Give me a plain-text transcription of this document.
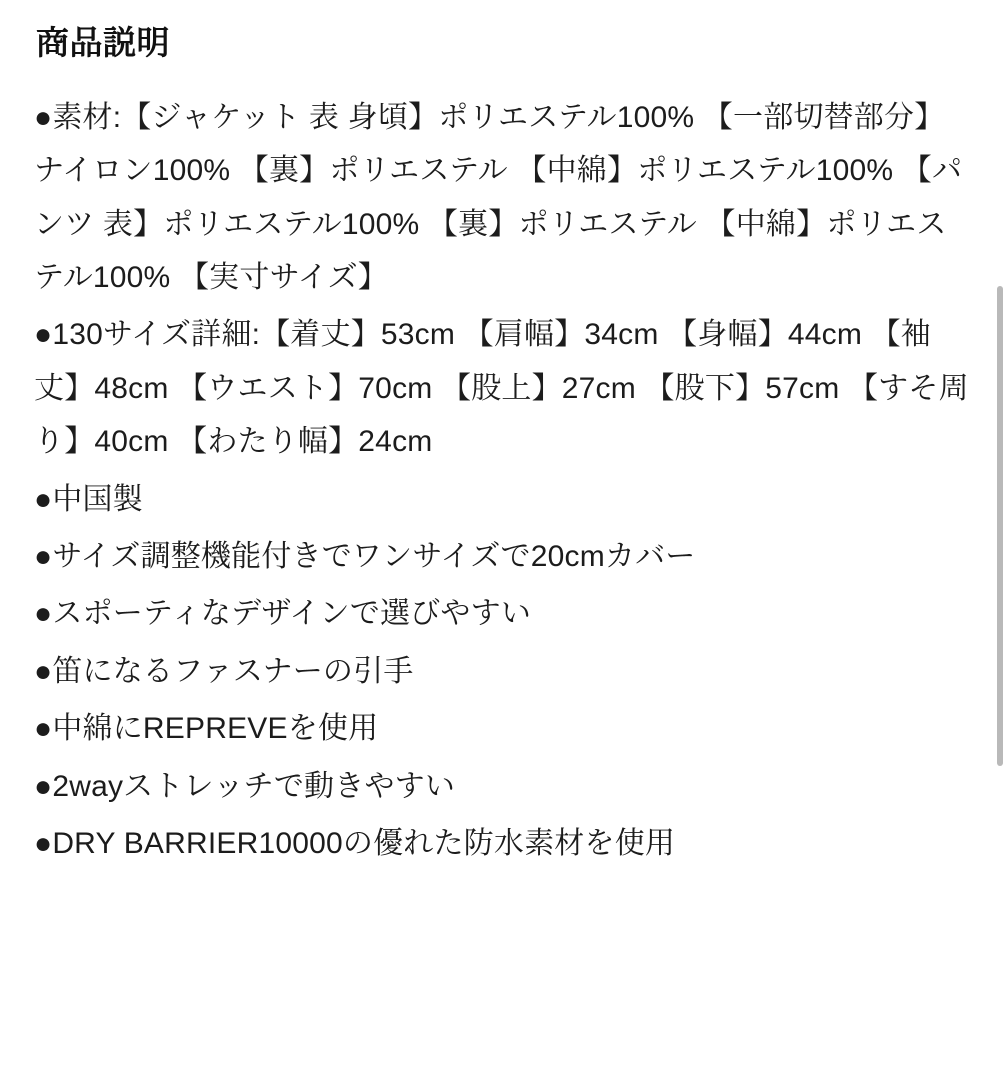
商品説明

●素材:【ジャケット 表 身頃】ポリエステル100% 【一部切替部分】ナイロン100% 【裏】ポリエステル 【中綿】ポリエステル100% 【パンツ 表】ポリエステル100% 【裏】ポリエステル 【中綿】ポリエステル100% 【実寸サイズ】

●130サイズ詳細:【着丈】53cm 【肩幅】34cm 【身幅】44cm 【袖丈】48cm 【ウエスト】70cm 【股上】27cm 【股下】57cm 【すそ周り】40cm 【わたり幅】24cm

●中国製

●サイズ調整機能付きでワンサイズで20cmカバー

●スポーティなデザインで選びやすい

●笛になるファスナーの引手

●中綿にREPREVEを使用

●2wayストレッチで動きやすい

●DRY BARRIER10000の優れた防水素材を使用
